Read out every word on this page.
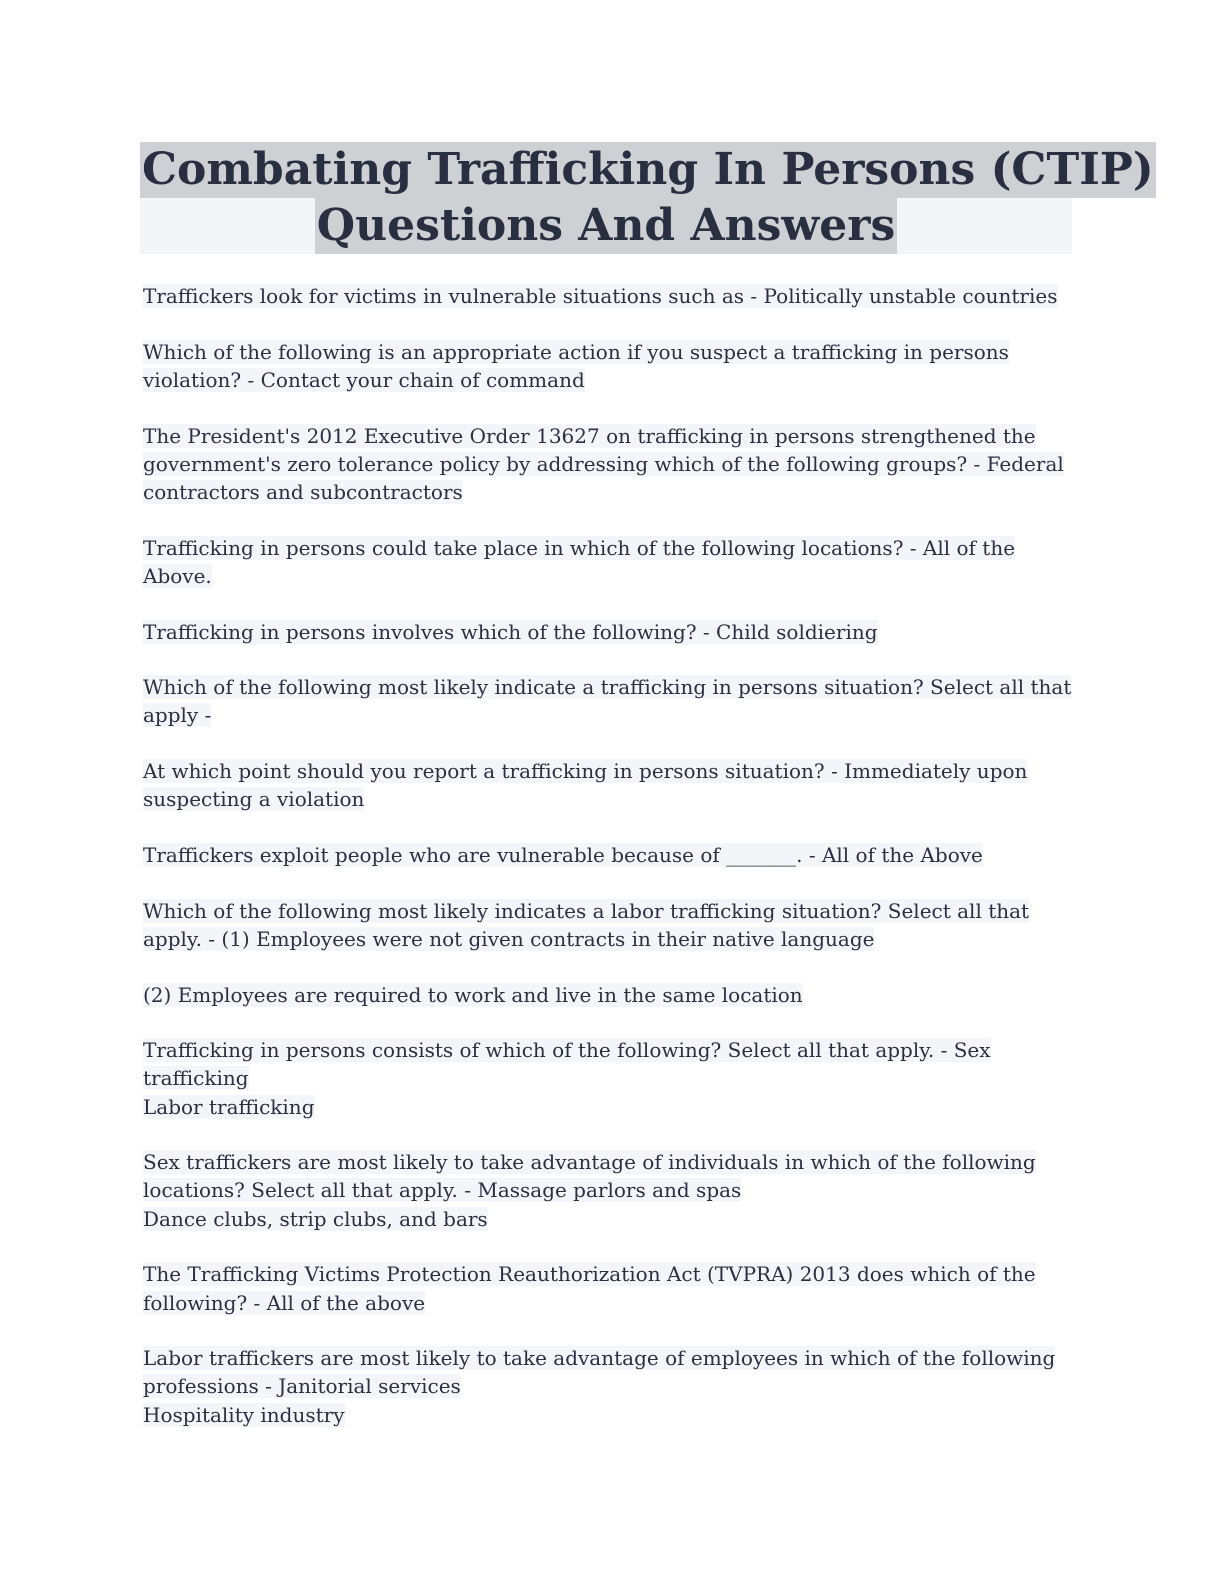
Combating Trafficking In Persons (CTIP)
Questions And Answers
Traffickers look for victims in vulnerable situations such as - Politically unstable countries
Which of the following is an appropriate action if you suspect a trafficking in persons
violation? - Contact your chain of command
The President's 2012 Executive Order 13627 on trafficking in persons strengthened the
government's zero tolerance policy by addressing which of the following groups? - Federal
contractors and subcontractors
Trafficking in persons could take place in which of the following locations? - All of the
Above.
Trafficking in persons involves which of the following? - Child soldiering
Which of the following most likely indicate a trafficking in persons situation? Select all that
apply -
At which point should you report a trafficking in persons situation? - Immediately upon
suspecting a violation
Traffickers exploit people who are vulnerable because of _______. - All of the Above
Which of the following most likely indicates a labor trafficking situation? Select all that
apply. - (1) Employees were not given contracts in their native language
(2) Employees are required to work and live in the same location
Trafficking in persons consists of which of the following? Select all that apply. - Sex
trafficking
Labor trafficking
Sex traffickers are most likely to take advantage of individuals in which of the following
locations? Select all that apply. - Massage parlors and spas
Dance clubs, strip clubs, and bars
The Trafficking Victims Protection Reauthorization Act (TVPRA) 2013 does which of the
following? - All of the above
Labor traffickers are most likely to take advantage of employees in which of the following
professions - Janitorial services
Hospitality industry
